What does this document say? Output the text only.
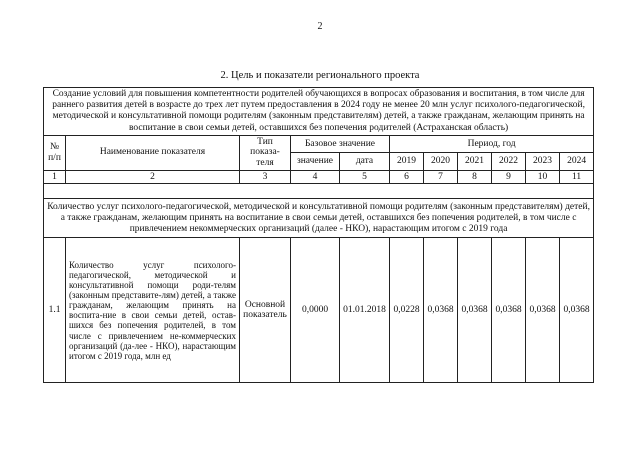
2
2. Цель и показатели регионального проекта
Создание условий для повышения компетентности родителей обучающихся в вопросах образования и воспитания, в том числе для раннего развития детей в возрасте до трех лет путем предоставления в 2024 году не менее 20 млн услуг психолого-педагогической, методической и консультативной помощи родителям (законным представителям) детей, а также гражданам, желающим принять на воспитание в свои семьи детей, оставшихся без попечения родителей (Астраханская область)										
№ п/п	Наименование показателя	Тип показа-теля	Базовое значение		Период, год					
			значение	дата	2019	2020	2021	2022	2023	2024
1	2	3	4	5	6	7	8	9	10	11

Количество услуг психолого-педагогической, методической и консультативной помощи родителям (законным представителям) детей, а также гражданам, желающим принять на воспитание в свои семьи детей, оставшихся без попечения родителей, в том числе с привлечением некоммерческих организаций (далее - НКО), нарастающим итогом с 2019 года										
1.1	Количество услуг психолого-педагогической, методической и консультативной помощи роди-телям (законным представите-лям) детей, а также гражданам, желающим принять на воспита-ние в свои семьи детей, остав-шихся без попечения родителей, в том числе с привлечением не-коммерческих организаций (да-лее - НКО), нарастающим итогом с 2019 года, млн ед	Основной показатель	0,0000	01.01.2018	0,0228	0,0368	0,0368	0,0368	0,0368	0,0368
